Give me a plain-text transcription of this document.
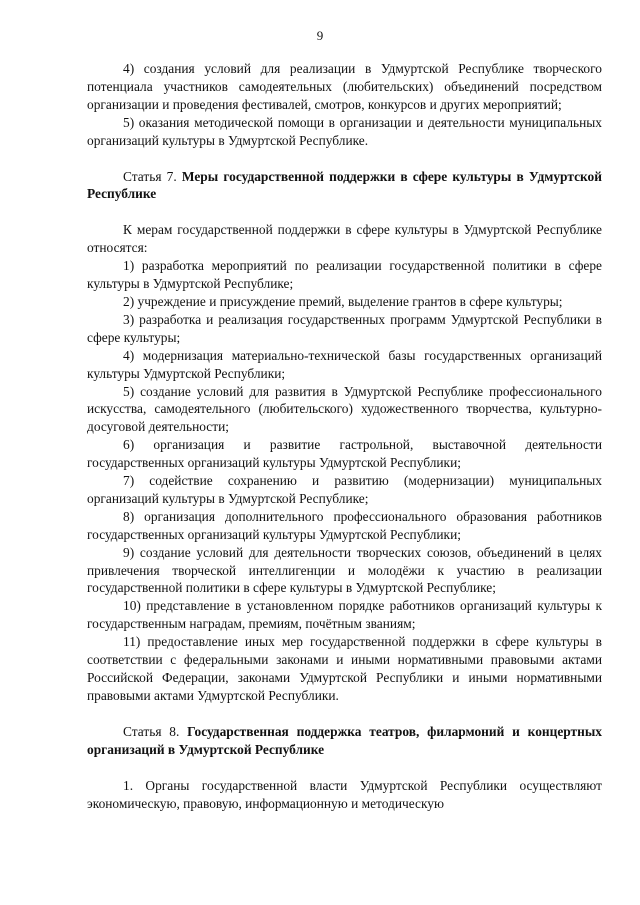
9

4) создания условий для реализации в Удмуртской Республике творческого потенциала участников самодеятельных (любительских) объединений посредством организации и проведения фестивалей, смотров, конкурсов и других мероприятий;

5) оказания методической помощи в организации и деятельности муниципальных организаций культуры в Удмуртской Республике.

Статья 7. Меры государственной поддержки в сфере культуры в Удмуртской Республике

К мерам государственной поддержки в сфере культуры в Удмуртской Республике относятся:

1) разработка мероприятий по реализации государственной политики в сфере культуры в Удмуртской Республике;

2) учреждение и присуждение премий, выделение грантов в сфере культуры;

3) разработка и реализация государственных программ Удмуртской Республики в сфере культуры;

4) модернизация материально-технической базы государственных организаций культуры Удмуртской Республики;

5) создание условий для развития в Удмуртской Республике профессионального искусства, самодеятельного (любительского) художественного творчества, культурно-досуговой деятельности;

6) организация и развитие гастрольной, выставочной деятельности государственных организаций культуры Удмуртской Республики;

7) содействие сохранению и развитию (модернизации) муниципальных организаций культуры в Удмуртской Республике;

8) организация дополнительного профессионального образования работников государственных организаций культуры Удмуртской Республики;

9) создание условий для деятельности творческих союзов, объединений в целях привлечения творческой интеллигенции и молодёжи к участию в реализации государственной политики в сфере культуры в Удмуртской Республике;

10) представление в установленном порядке работников организаций культуры к государственным наградам, премиям, почётным званиям;

11) предоставление иных мер государственной поддержки в сфере культуры в соответствии с федеральными законами и иными нормативными правовыми актами Российской Федерации, законами Удмуртской Республики и иными нормативными правовыми актами Удмуртской Республики.

Статья 8. Государственная поддержка театров, филармоний и концертных организаций в Удмуртской Республике

1. Органы государственной власти Удмуртской Республики осуществляют экономическую, правовую, информационную и методическую
